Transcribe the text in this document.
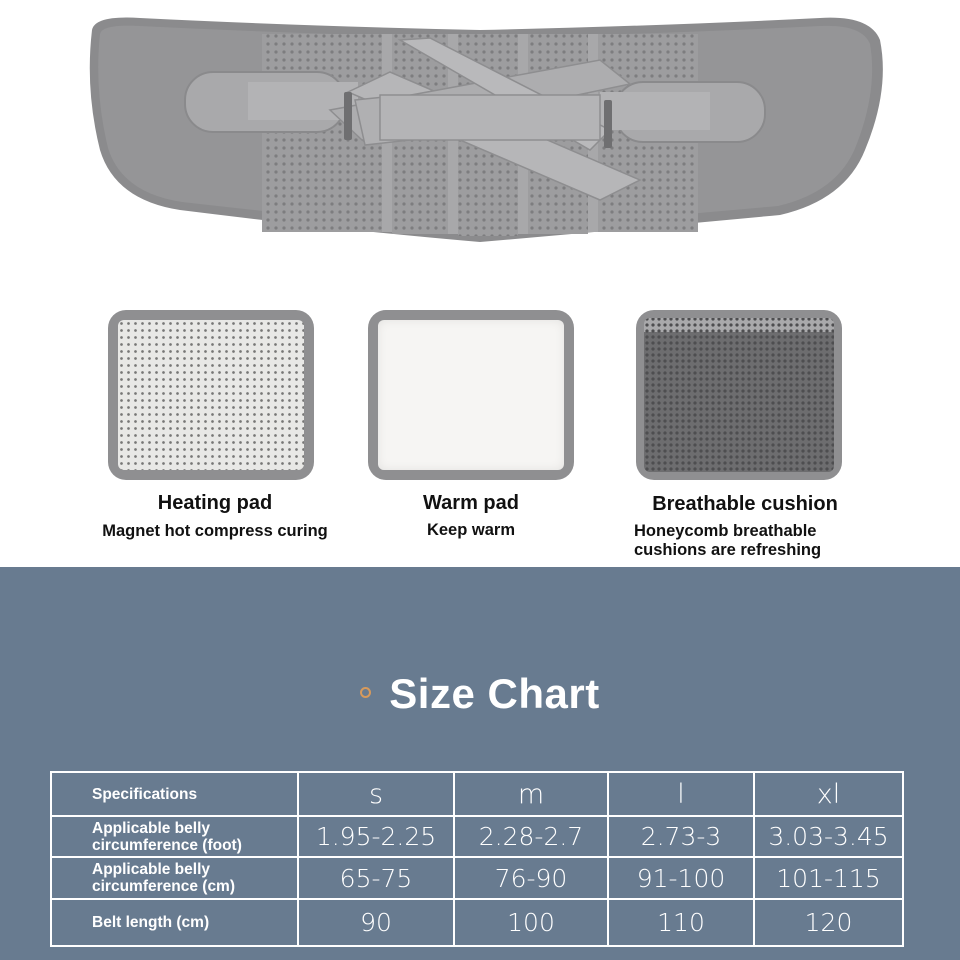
Heating pad
Magnet hot compress curing
Warm pad
Keep warm
Breathable cushion
Honeycomb breathable
cushions are refreshing
Size Chart
Specifications	s	m	l	xl

Applicable belly
circumference (foot)	1.95-2.25	2.28-2.7	2.73-3	3.03-3.45

Applicable belly
circumference (cm)	65-75	76-90	91-100	101-115
Belt length (cm)	90	100	110	120
